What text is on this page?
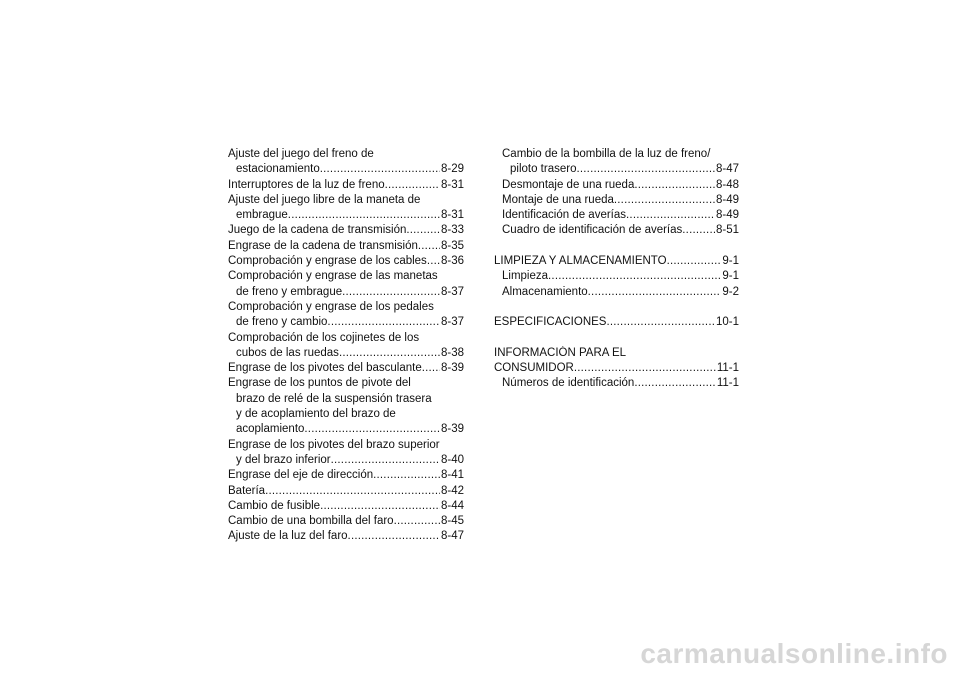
Ajuste del juego del freno de
estacionamiento .....	8-29
Interruptores de la luz de freno .....	8-31
Ajuste del juego libre de la maneta de
embrague .....	8-31
Juego de la cadena de transmisión .....	8-33
Engrase de la cadena de transmisión ..... 8-35
Comprobación y engrase de los cables ..... 8-36
Comprobación y engrase de las manetas
de freno y embrague .....	8-37
Comprobación y engrase de los pedales
de freno y cambio .....	8-37
Comprobación de los cojinetes de los
cubos de las ruedas .....	8-38
Engrase de los pivotes del basculante ..... 8-39
Engrase de los puntos de pivote del
brazo de relé de la suspensión trasera
y de acoplamiento del brazo de
acoplamiento .....	8-39
Engrase de los pivotes del brazo superior
y del brazo inferior .....	8-40
Engrase del eje de dirección .....	8-41
Batería .....	8-42
Cambio de fusible .....	8-44
Cambio de una bombilla del faro .....	8-45
Ajuste de la luz del faro .....	8-47
Cambio de la bombilla de la luz de freno/
piloto trasero .....	8-47
Desmontaje de una rueda .....	8-48
Montaje de una rueda .....	8-49
Identificación de averías .....	8-49
Cuadro de identificación de averías .....	8-51
LIMPIEZA Y ALMACENAMIENTO .....	9-1
Limpieza .....	9-1
Almacenamiento .....	9-2
ESPECIFICACIONES .....	10-1
INFORMACIÓN PARA EL
CONSUMIDOR .....	11-1
Números de identificación .....	11-1
carmanualsonline.info
